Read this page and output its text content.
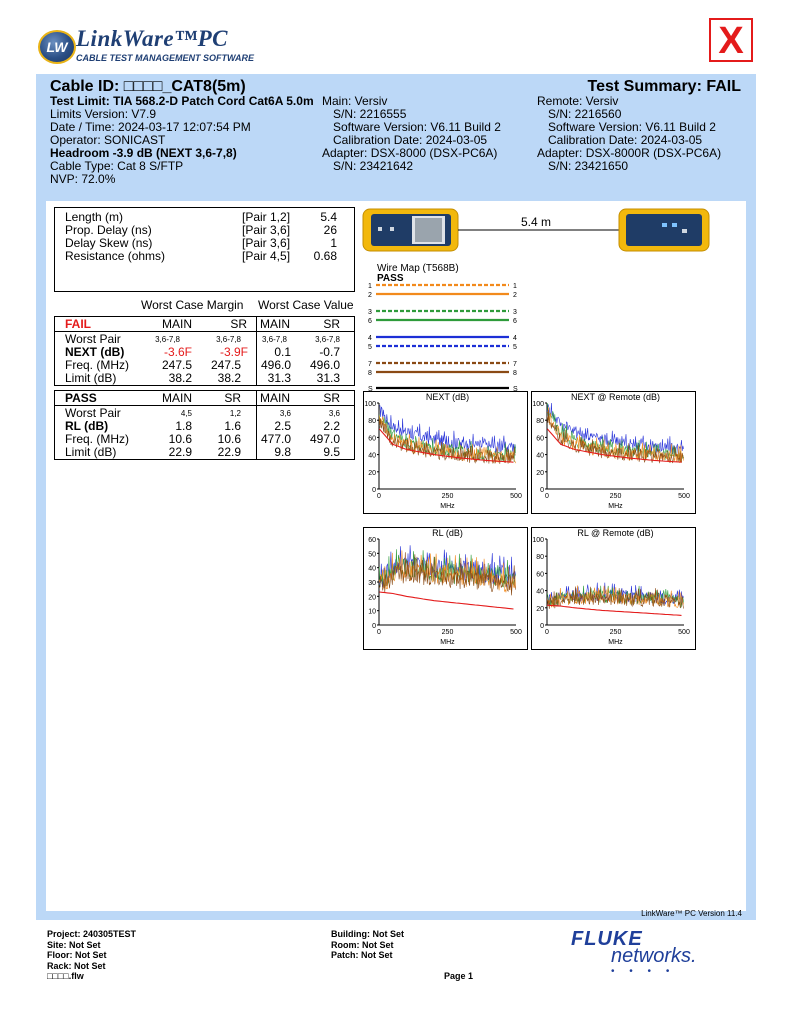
LW LinkWare™PC
CABLE TEST MANAGEMENT SOFTWARE	X
Cable ID: □□□□_CAT8(5m)	Test Summary: FAIL
Test Limit: TIA 568.2-D Patch Cord Cat6A 5.0m
Limits Version: V7.9
Date / Time: 2024-03-17 12:07:54 PM
Operator: SONICAST
Headroom -3.9 dB (NEXT 3,6-7,8)
Cable Type: Cat 8 S/FTP
NVP: 72.0%
Main: Versiv
S/N: 2216555
Software Version: V6.11 Build 2
Calibration Date: 2024-03-05
Adapter: DSX-8000 (DSX-PC6A)
S/N: 23421642
Remote: Versiv
S/N: 2216560
Software Version: V6.11 Build 2
Calibration Date: 2024-03-05
Adapter: DSX-8000R (DSX-PC6A)
S/N: 23421650
Length (m)	[Pair 1,2]	5.4
Prop. Delay (ns)	[Pair 3,6]	26
Delay Skew (ns)	[Pair 3,6]	1
Resistance (ohms)	[Pair 4,5] 0.68
Worst Case Margin Worst Case Value
FAIL	MAIN	SR MAIN	SR
Worst Pair	3,6-7,8	3,6-7,8	3,6-7,8	3,6-7,8
NEXT (dB)	-3.6F -3.9F 0.1 -0.7
Freq. (MHz)	247.5 247.5 496.0 496.0
Limit (dB)	38.2 38.2 31.3 31.3
PASS	MAIN	SR MAIN	SR
Worst Pair	4,5	1,2	3,6	3,6
RL (dB)	1.8	1.6	2.5	2.2
Freq. (MHz)	10.6 10.6 477.0 497.0
Limit (dB)	22.9 22.9	9.8	9.5
5.4 m
Wire Map (T568B)
PASS
1	1
2	2
3	3
6	6
4	4
5	5
7	7
8	8
S	S
NEXT (dB)
0
20
40
60
80
100
0	250	500
MHz
NEXT @ Remote (dB)
0
20
40
60
80
100
0	250	500
MHz
RL (dB)
0
10
20
30
40
50
60
0	250	500
MHz
RL @ Remote (dB)
0
20
40
60
80
100
0	250	500
MHz
LinkWare™ PC Version 11.4
Project: 240305TEST
Site: Not Set
Floor: Not Set
Rack: Not Set
□□□□.flw
Building: Not Set
Room: Not Set
Patch: Not Set
Page 1
FLUKE
networks.
• • • •
